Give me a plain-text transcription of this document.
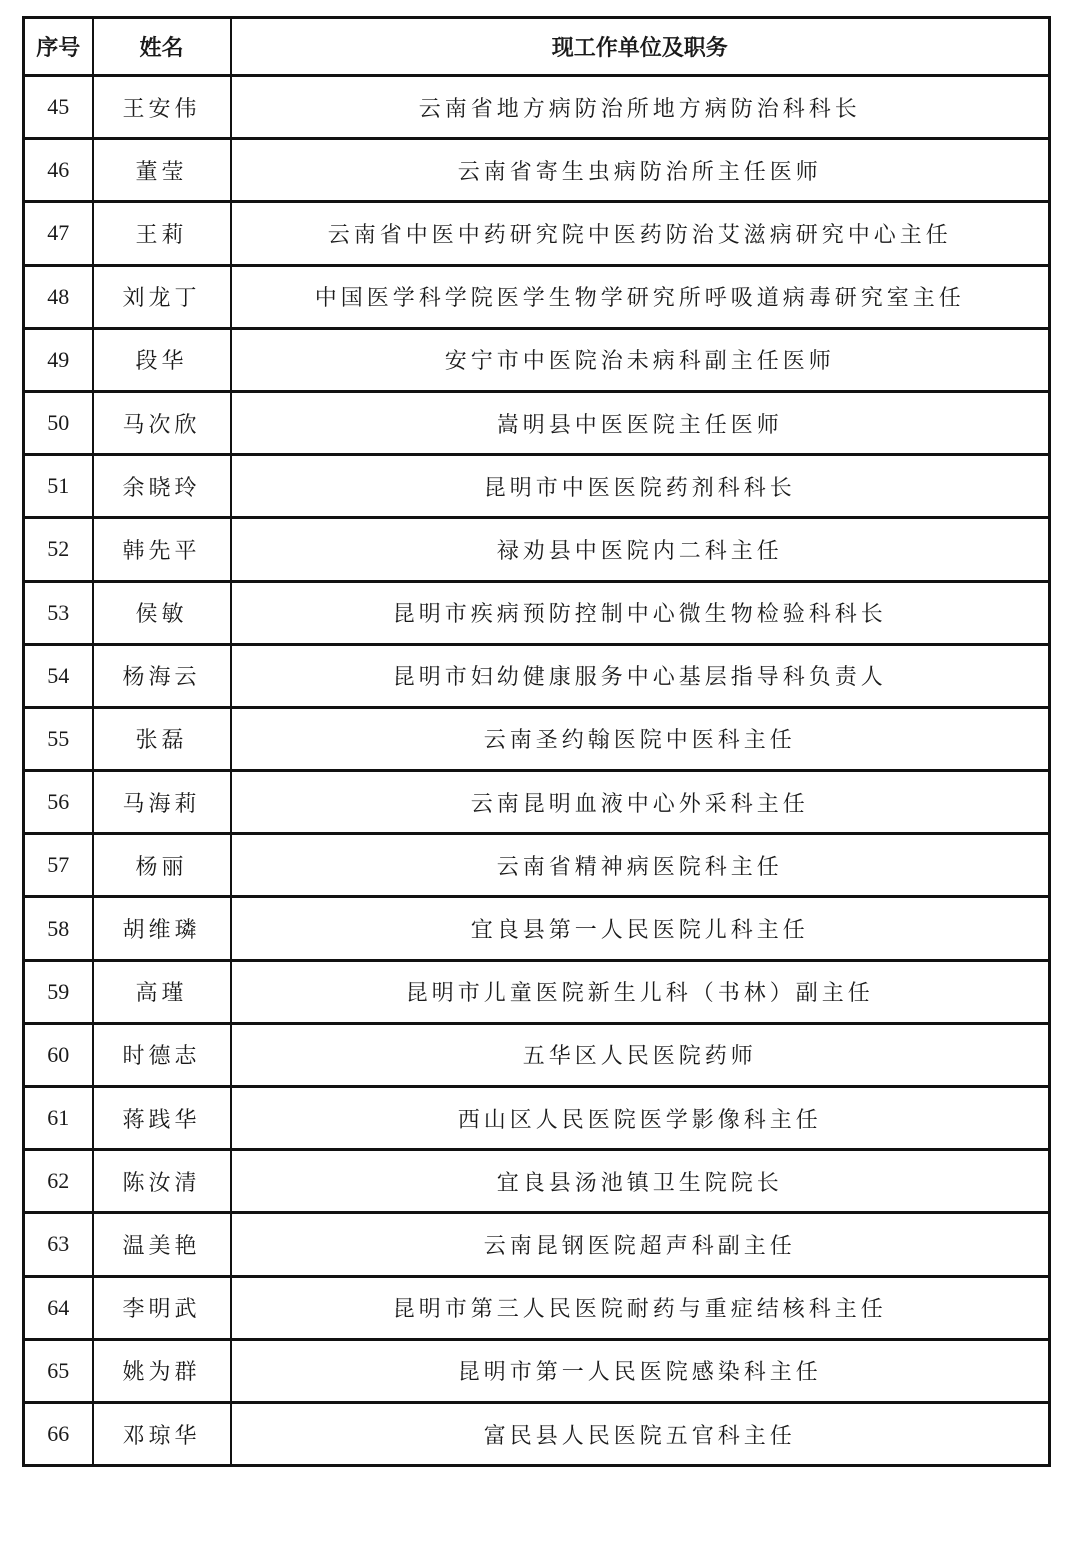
序号	姓名	现工作单位及职务
45	王安伟	云南省地方病防治所地方病防治科科长
46	董莹	云南省寄生虫病防治所主任医师
47	王莉	云南省中医中药研究院中医药防治艾滋病研究中心主任
48	刘龙丁	中国医学科学院医学生物学研究所呼吸道病毒研究室主任
49	段华	安宁市中医院治未病科副主任医师
50	马次欣	嵩明县中医医院主任医师
51	余晓玲	昆明市中医医院药剂科科长
52	韩先平	禄劝县中医院内二科主任
53	侯敏	昆明市疾病预防控制中心微生物检验科科长
54	杨海云	昆明市妇幼健康服务中心基层指导科负责人
55	张磊	云南圣约翰医院中医科主任
56	马海莉	云南昆明血液中心外采科主任
57	杨丽	云南省精神病医院科主任
58	胡维璘	宜良县第一人民医院儿科主任
59	高瑾	昆明市儿童医院新生儿科（书林）副主任
60	时德志	五华区人民医院药师
61	蒋践华	西山区人民医院医学影像科主任
62	陈汝清	宜良县汤池镇卫生院院长
63	温美艳	云南昆钢医院超声科副主任
64	李明武	昆明市第三人民医院耐药与重症结核科主任
65	姚为群	昆明市第一人民医院感染科主任
66	邓琼华	富民县人民医院五官科主任
